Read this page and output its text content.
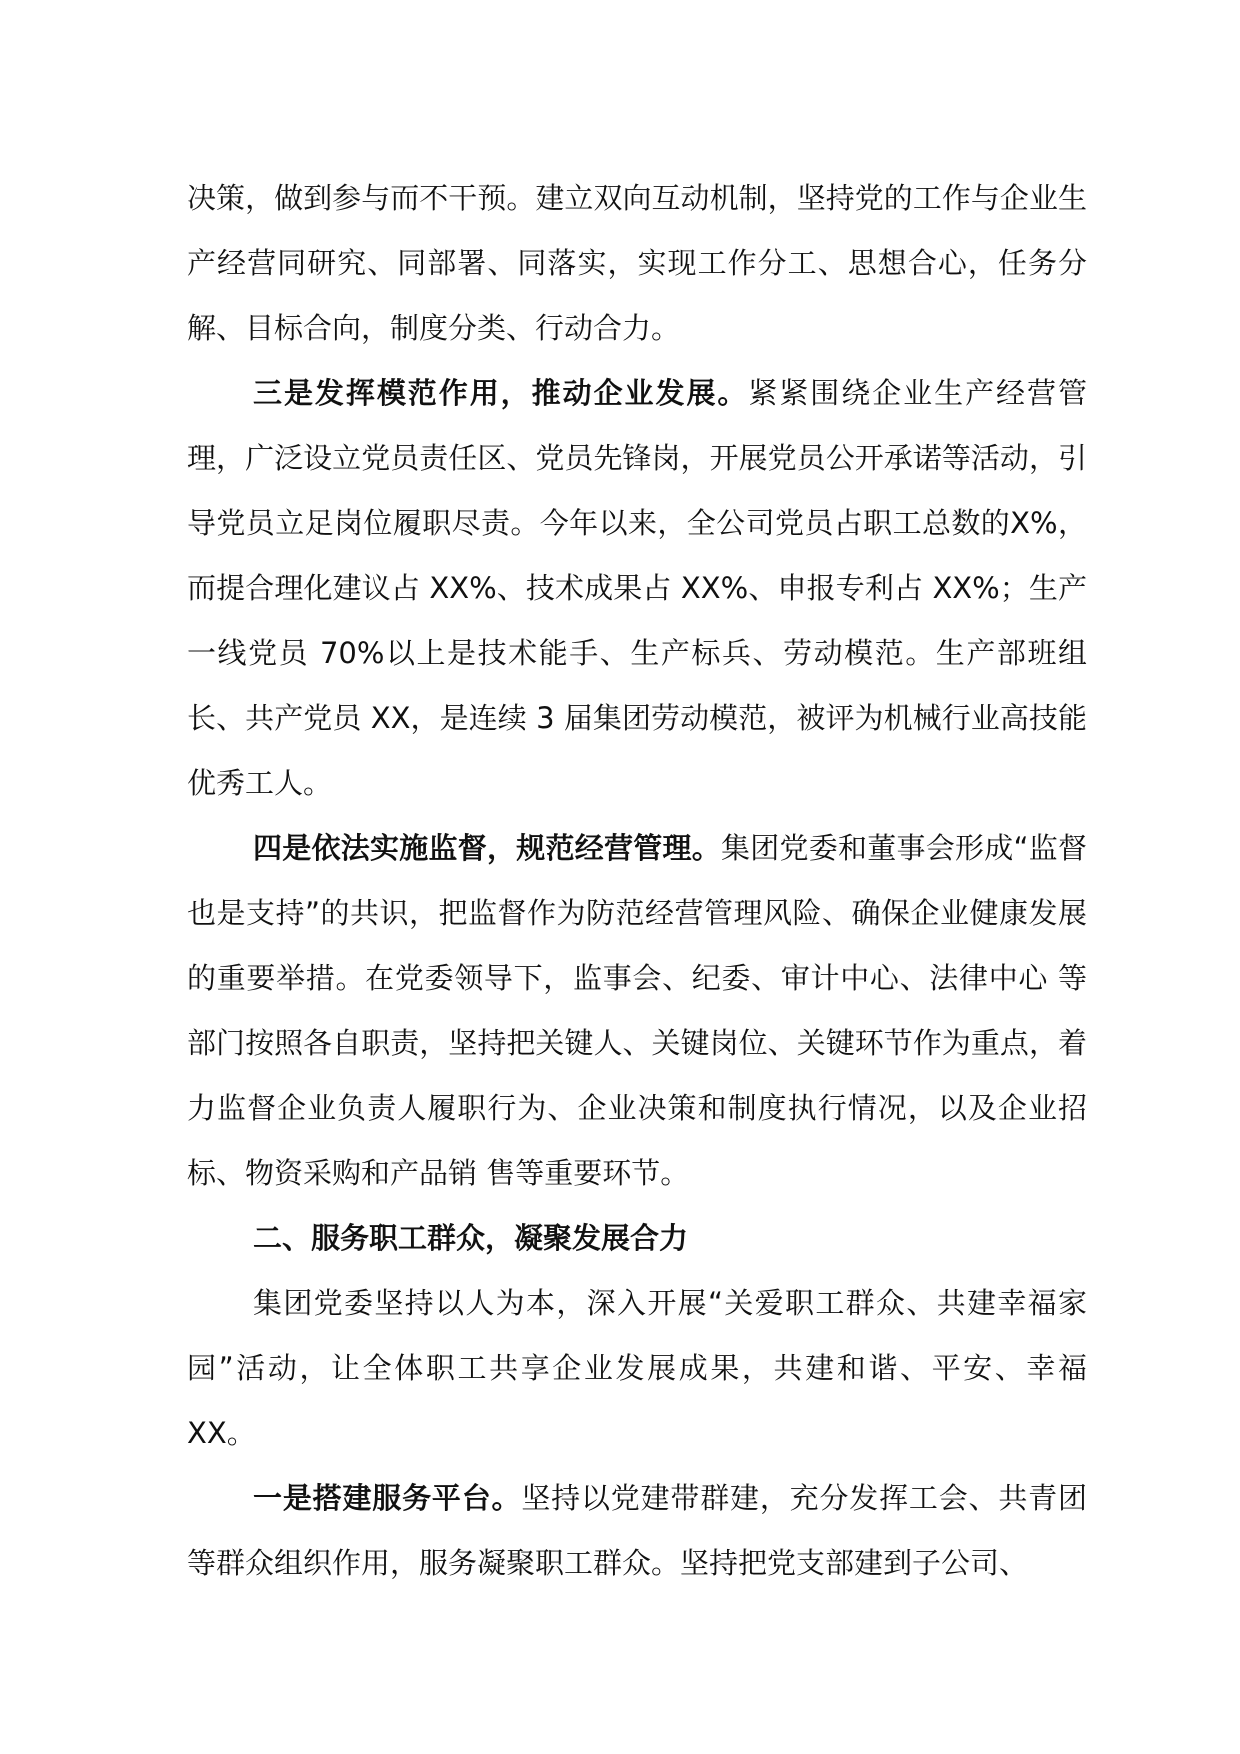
决策，做到参与而不干预。建立双向互动机制，坚持党的工作与企业生产经营同研究、同部署、同落实，实现工作分工、思想合心，任务分解、目标合向，制度分类、行动合力。

三是发挥模范作用，推动企业发展。紧紧围绕企业生产经营管理，广泛设立党员责任区、党员先锋岗，开展党员公开承诺等活动，引导党员立足岗位履职尽责。今年以来，全公司党员占职工总数的X%，而提合理化建议占 XX%、技术成果占 XX%、申报专利占 XX%；生产一线党员 70%以上是技术能手、生产标兵、劳动模范。生产部班组长、共产党员 XX，是连续 3 届集团劳动模范，被评为机械行业高技能优秀工人。

四是依法实施监督，规范经营管理。集团党委和董事会形成“监督也是支持”的共识，把监督作为防范经营管理风险、确保企业健康发展的重要举措。在党委领导下，监事会、纪委、审计中心、法律中心 等部门按照各自职责，坚持把关键人、关键岗位、关键环节作为重点，着力监督企业负责人履职行为、企业决策和制度执行情况，以及企业招标、物资采购和产品销 售等重要环节。

二、服务职工群众，凝聚发展合力

集团党委坚持以人为本，深入开展“关爱职工群众、共建幸福家园”活动，让全体职工共享企业发展成果，共建和谐、平安、幸福 XX。

一是搭建服务平台。坚持以党建带群建，充分发挥工会、共青团等群众组织作用，服务凝聚职工群众。坚持把党支部建到子公司、
